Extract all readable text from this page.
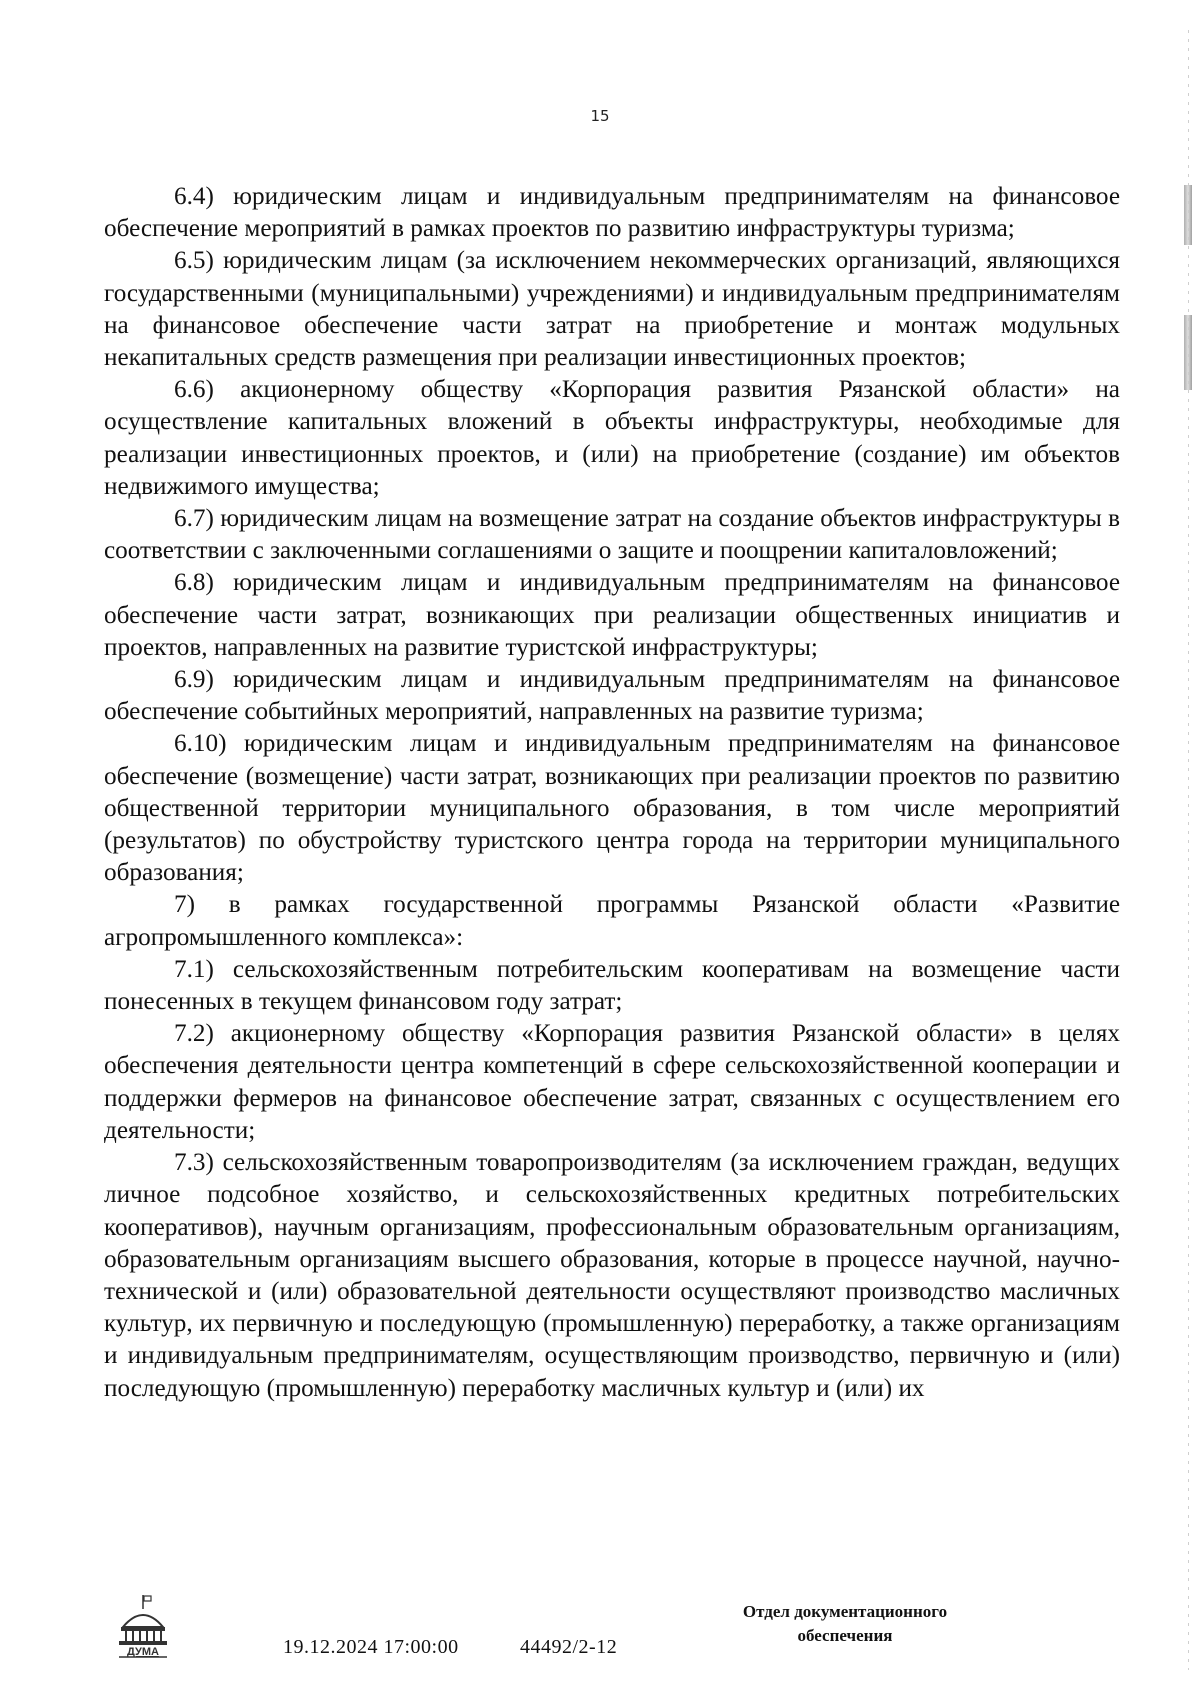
15

6.4) юридическим лицам и индивидуальным предпринимателям на финансовое обеспечение мероприятий в рамках проектов по развитию инфраструктуры туризма;

6.5) юридическим лицам (за исключением некоммерческих организаций, являющихся государственными (муниципальными) учреждениями) и индивидуальным предпринимателям на финансовое обеспечение части затрат на приобретение и монтаж модульных некапитальных средств размещения при реализации инвестиционных проектов;

6.6) акционерному обществу «Корпорация развития Рязанской области» на осуществление капитальных вложений в объекты инфраструктуры, необходимые для реализации инвестиционных проектов, и (или) на приобретение (создание) им объектов недвижимого имущества;

6.7) юридическим лицам на возмещение затрат на создание объектов инфраструктуры в соответствии с заключенными соглашениями о защите и поощрении капиталовложений;

6.8) юридическим лицам и индивидуальным предпринимателям на финансовое обеспечение части затрат, возникающих при реализации общественных инициатив и проектов, направленных на развитие туристской инфраструктуры;

6.9) юридическим лицам и индивидуальным предпринимателям на финансовое обеспечение событийных мероприятий, направленных на развитие туризма;

6.10) юридическим лицам и индивидуальным предпринимателям на финансовое обеспечение (возмещение) части затрат, возникающих при реализации проектов по развитию общественной территории муниципального образования, в том числе мероприятий (результатов) по обустройству туристского центра города на территории муниципального образования;

7) в рамках государственной программы Рязанской области «Развитие агропромышленного комплекса»:

7.1) сельскохозяйственным потребительским кооперативам на возмещение части понесенных в текущем финансовом году затрат;

7.2) акционерному обществу «Корпорация развития Рязанской области» в целях обеспечения деятельности центра компетенций в сфере сельскохозяйственной кооперации и поддержки фермеров на финансовое обеспечение затрат, связанных с осуществлением его деятельности;

7.3) сельскохозяйственным товаропроизводителям (за исключением граждан, ведущих личное подсобное хозяйство, и сельскохозяйственных кредитных потребительских кооперативов), научным организациям, профессиональным образовательным организациям, образовательным организациям высшего образования, которые в процессе научной, научно-технической и (или) образовательной деятельности осуществляют производство масличных культур, их первичную и последующую (промышленную) переработку, а также организациям и индивидуальным предпринимателям, осуществляющим производство, первичную и (или) последующую (промышленную) переработку масличных культур и (или) их

ДУМА	19.12.2024 17:00:00	44492/2-12
Отдел документационного
обеспечения
